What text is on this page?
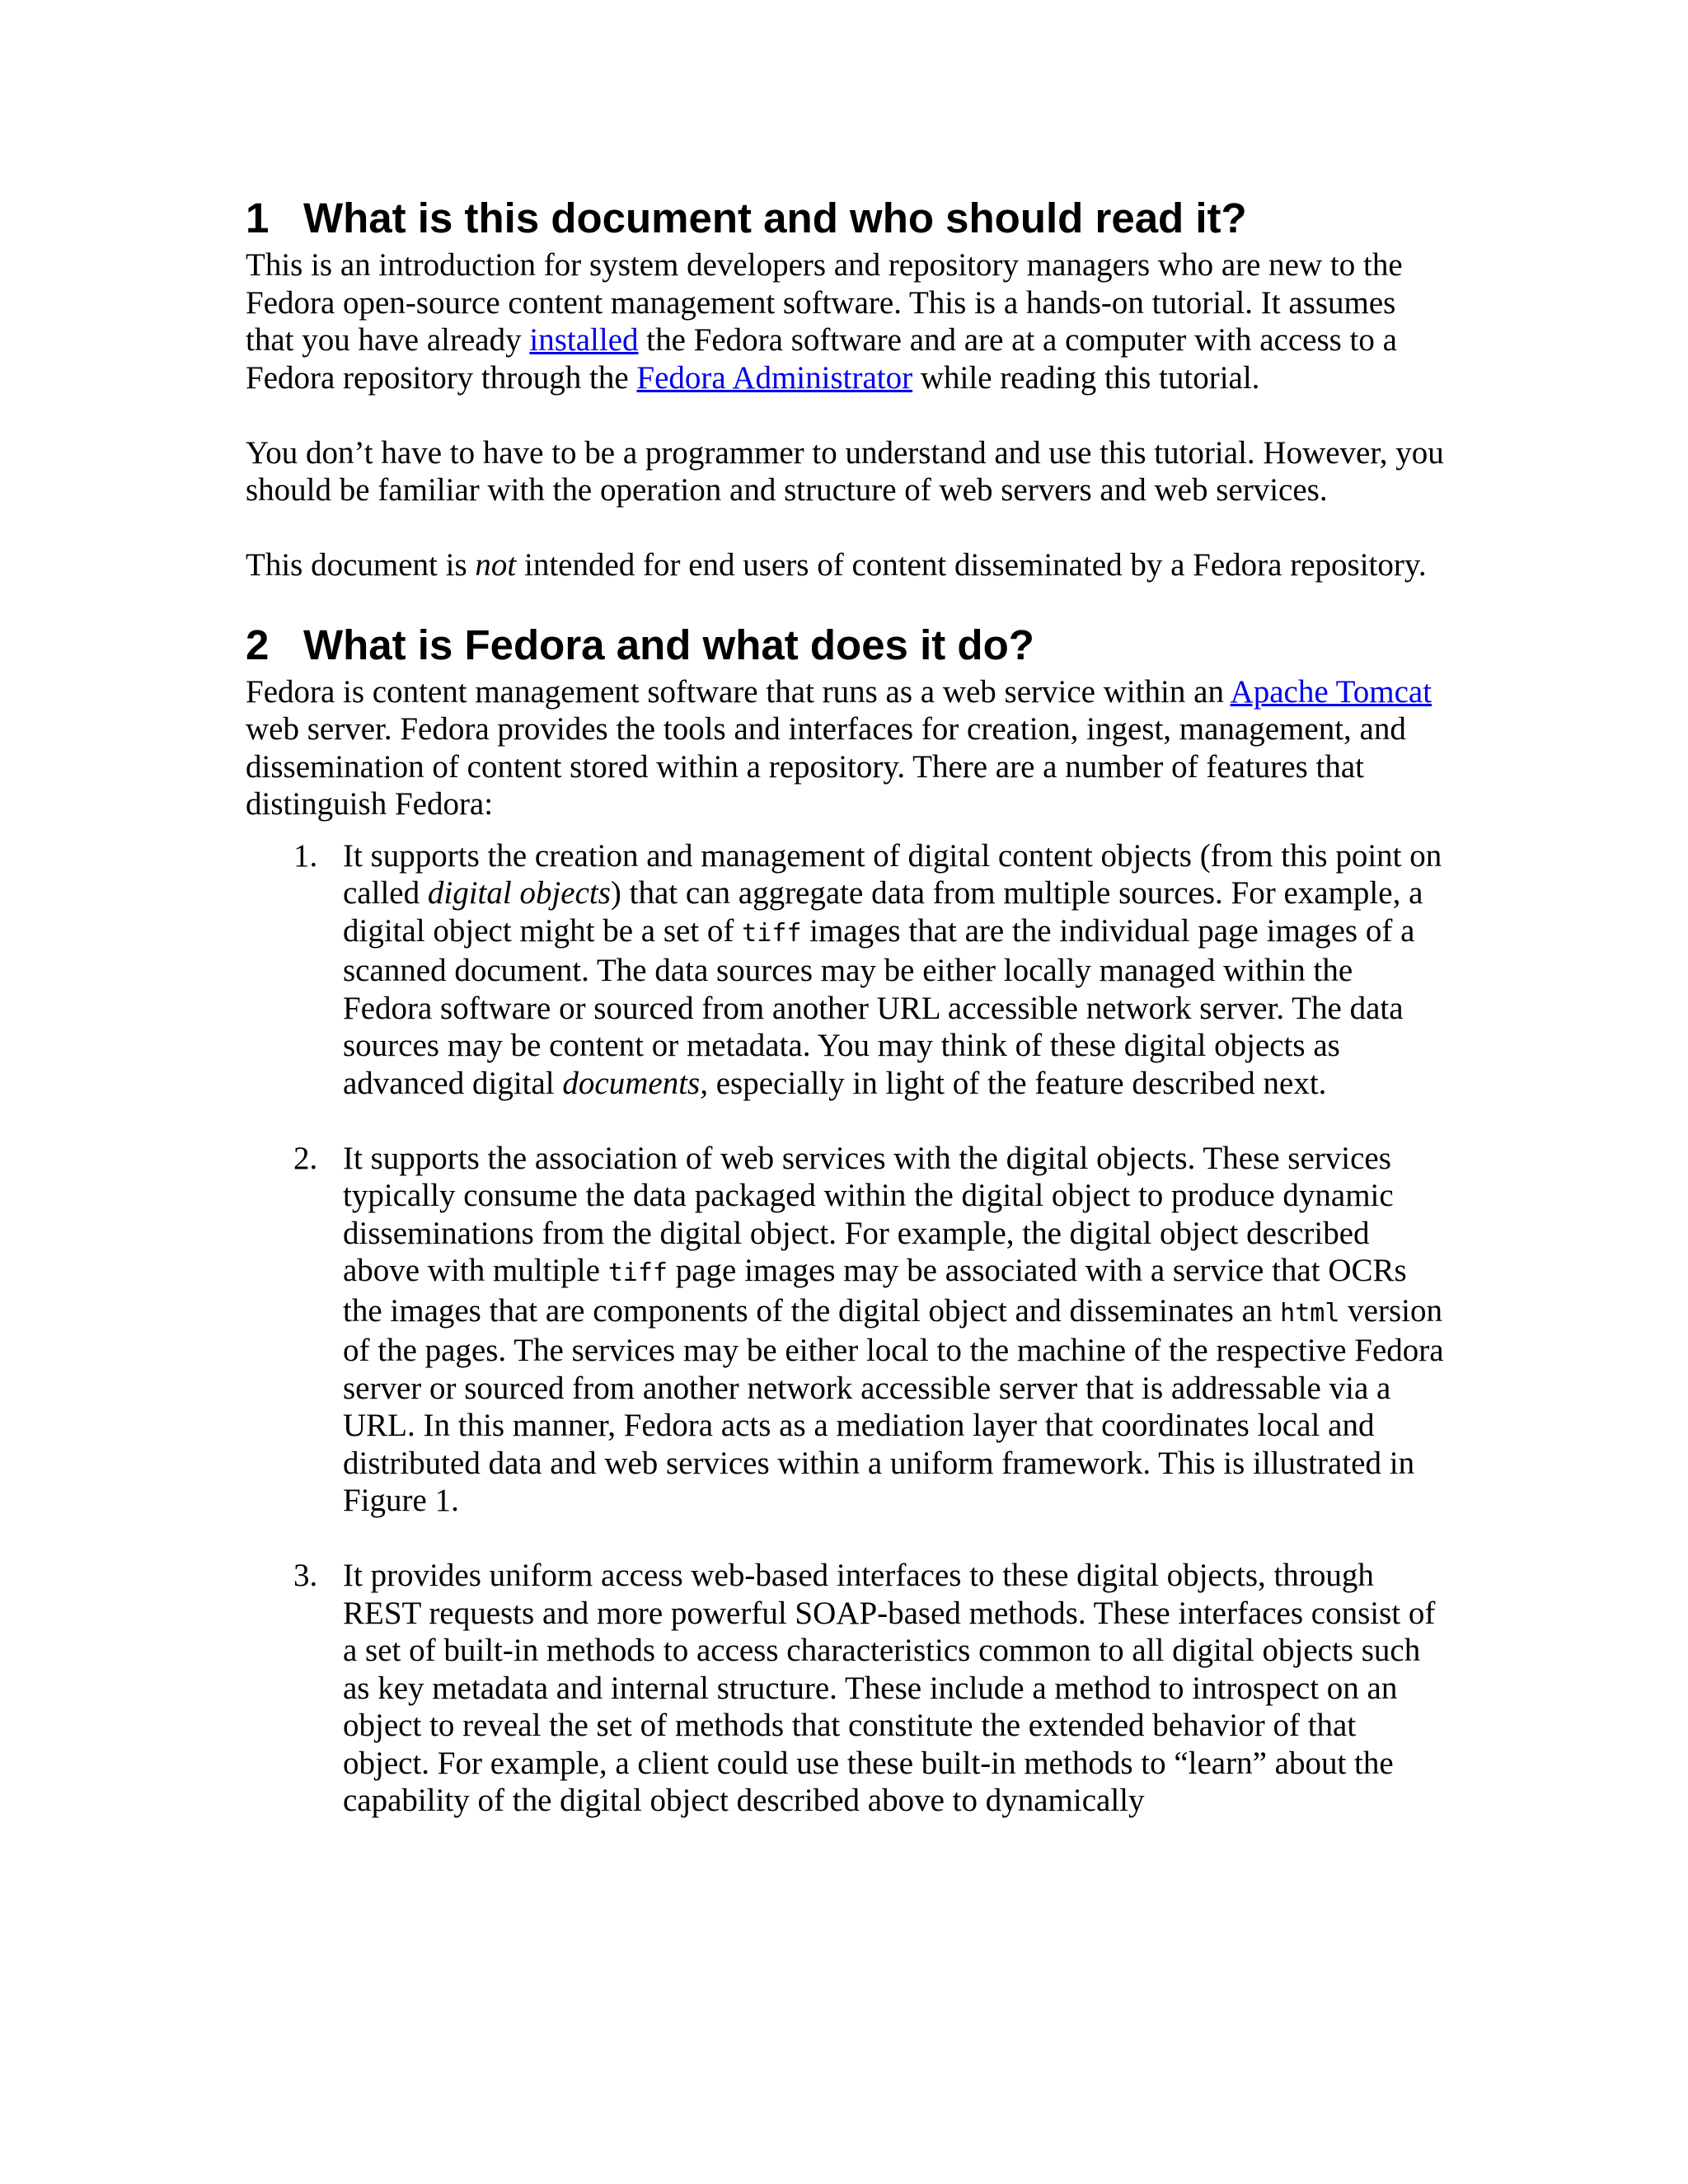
1 What is this document and who should read it?

This is an introduction for system developers and repository managers who are new to the Fedora open-source content management software. This is a hands-on tutorial. It assumes that you have already installed the Fedora software and are at a computer with access to a Fedora repository through the Fedora Administrator while reading this tutorial.

You don’t have to have to be a programmer to understand and use this tutorial. However, you should be familiar with the operation and structure of web servers and web services.

This document is not intended for end users of content disseminated by a Fedora repository.

2 What is Fedora and what does it do?

Fedora is content management software that runs as a web service within an Apache Tomcat web server. Fedora provides the tools and interfaces for creation, ingest, management, and dissemination of content stored within a repository. There are a number of features that distinguish Fedora:

1. It supports the creation and management of digital content objects (from this point on called digital objects) that can aggregate data from multiple sources. For example, a digital object might be a set of tiff images that are the individual page images of a scanned document. The data sources may be either locally managed within the Fedora software or sourced from another URL accessible network server. The data sources may be content or metadata. You may think of these digital objects as advanced digital documents, especially in light of the feature described next.
2. It supports the association of web services with the digital objects. These services typically consume the data packaged within the digital object to produce dynamic disseminations from the digital object. For example, the digital object described above with multiple tiff page images may be associated with a service that OCRs the images that are components of the digital object and disseminates an html version of the pages. The services may be either local to the machine of the respective Fedora server or sourced from another network accessible server that is addressable via a URL. In this manner, Fedora acts as a mediation layer that coordinates local and distributed data and web services within a uniform framework. This is illustrated in Figure 1.
3. It provides uniform access web-based interfaces to these digital objects, through REST requests and more powerful SOAP-based methods. These interfaces consist of a set of built-in methods to access characteristics common to all digital objects such as key metadata and internal structure. These include a method to introspect on an object to reveal the set of methods that constitute the extended behavior of that object. For example, a client could use these built-in methods to “learn” about the capability of the digital object described above to dynamically
